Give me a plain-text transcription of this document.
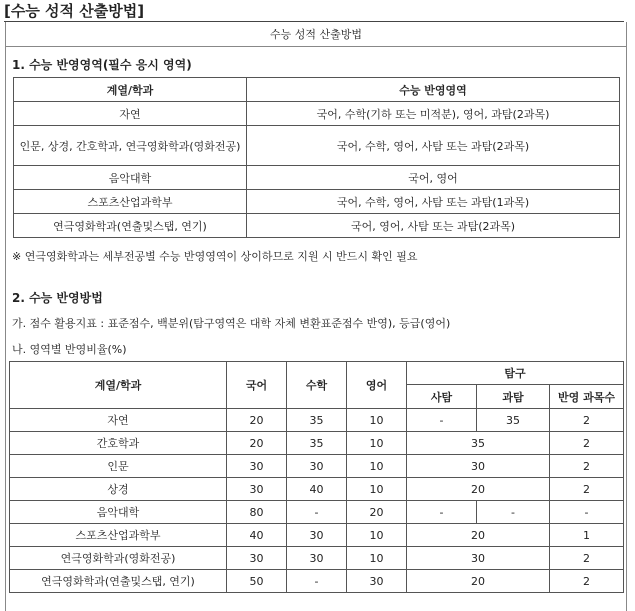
[수능 성적 산출방법]
수능 성적 산출방법
1. 수능 반영영역(필수 응시 영역)
계열/학과	수능 반영영역
자연	국어, 수학(기하 또는 미적분), 영어, 과탐(2과목)
인문, 상경, 간호학과, 연극영화학과(영화전공)	국어, 수학, 영어, 사탐 또는 과탐(2과목)
음악대학	국어, 영어
스포츠산업과학부	국어, 수학, 영어, 사탐 또는 과탐(1과목)
연극영화학과(연출및스탭, 연기)	국어, 영어, 사탐 또는 과탐(2과목)
※ 연극영화학과는 세부전공별 수능 반영영역이 상이하므로 지원 시 반드시 확인 필요
2. 수능 반영방법
가. 점수 활용지표 : 표준점수, 백분위(탐구영역은 대학 자체 변환표준점수 반영), 등급(영어)
나. 영역별 반영비율(%)
계열/학과	국어	수학	영어	탐구		
				사탐	과탐	반영 과목수
자연	20	35	10	-	35	2
간호학과	20	35	10	35		2
인문	30	30	10	30		2
상경	30	40	10	20		2
음악대학	80	-	20	-	-	-
스포츠산업과학부	40	30	10	20		1
연극영화학과(영화전공)	30	30	10	30		2
연극영화학과(연출및스탭, 연기)	50	-	30	20		2
